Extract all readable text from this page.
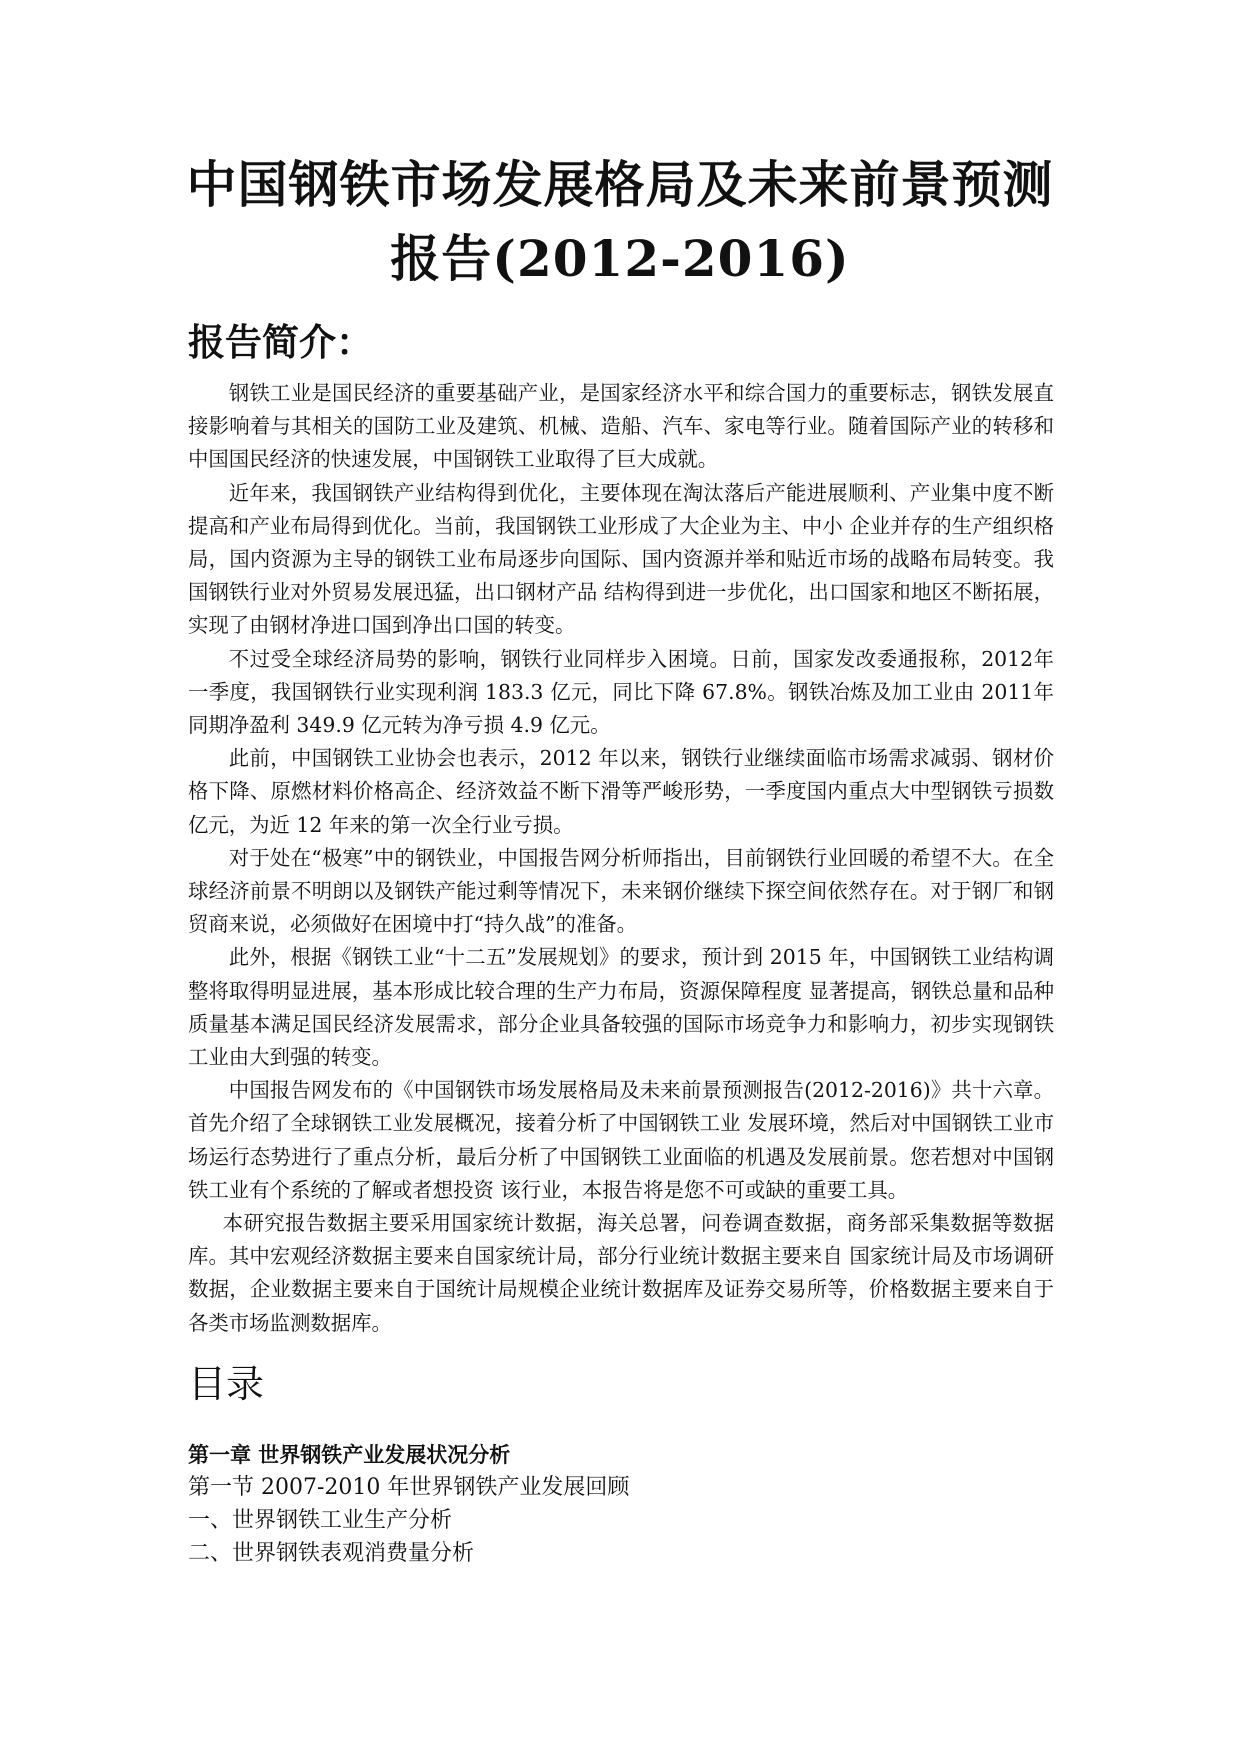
中国钢铁市场发展格局及未来前景预测
报告(2012-2016)
报告简介：

钢铁工业是国民经济的重要基础产业，是国家经济水平和综合国力的重要标志，钢铁发展直接影响着与其相关的国防工业及建筑、机械、造船、汽车、家电等行业。随着国际产业的转移和中国国民经济的快速发展，中国钢铁工业取得了巨大成就。

近年来，我国钢铁产业结构得到优化，主要体现在淘汰落后产能进展顺利、产业集中度不断提高和产业布局得到优化。当前，我国钢铁工业形成了大企业为主、中小 企业并存的生产组织格局，国内资源为主导的钢铁工业布局逐步向国际、国内资源并举和贴近市场的战略布局转变。我国钢铁行业对外贸易发展迅猛，出口钢材产品 结构得到进一步优化，出口国家和地区不断拓展，实现了由钢材净进口国到净出口国的转变。

不过受全球经济局势的影响，钢铁行业同样步入困境。日前，国家发改委通报称，2012年一季度，我国钢铁行业实现利润 183.3 亿元，同比下降 67.8%。钢铁冶炼及加工业由 2011年同期净盈利 349.9 亿元转为净亏损 4.9 亿元。

此前，中国钢铁工业协会也表示，2012 年以来，钢铁行业继续面临市场需求减弱、钢材价格下降、原燃材料价格高企、经济效益不断下滑等严峻形势，一季度国内重点大中型钢铁亏损数亿元，为近 12 年来的第一次全行业亏损。

对于处在“极寒”中的钢铁业，中国报告网分析师指出，目前钢铁行业回暖的希望不大。在全球经济前景不明朗以及钢铁产能过剩等情况下，未来钢价继续下探空间依然存在。对于钢厂和钢贸商来说，必须做好在困境中打“持久战”的准备。

此外，根据《钢铁工业“十二五”发展规划》的要求，预计到 2015 年，中国钢铁工业结构调整将取得明显进展，基本形成比较合理的生产力布局，资源保障程度 显著提高，钢铁总量和品种质量基本满足国民经济发展需求，部分企业具备较强的国际市场竞争力和影响力，初步实现钢铁工业由大到强的转变。

中国报告网发布的《中国钢铁市场发展格局及未来前景预测报告(2012-2016)》共十六章。首先介绍了全球钢铁工业发展概况，接着分析了中国钢铁工业 发展环境，然后对中国钢铁工业市场运行态势进行了重点分析，最后分析了中国钢铁工业面临的机遇及发展前景。您若想对中国钢铁工业有个系统的了解或者想投资 该行业，本报告将是您不可或缺的重要工具。

本研究报告数据主要采用国家统计数据，海关总署，问卷调查数据，商务部采集数据等数据库。其中宏观经济数据主要来自国家统计局，部分行业统计数据主要来自 国家统计局及市场调研数据，企业数据主要来自于国统计局规模企业统计数据库及证券交易所等，价格数据主要来自于各类市场监测数据库。

目录
第一章 世界钢铁产业发展状况分析
第一节 2007-2010 年世界钢铁产业发展回顾
一、世界钢铁工业生产分析
二、世界钢铁表观消费量分析
